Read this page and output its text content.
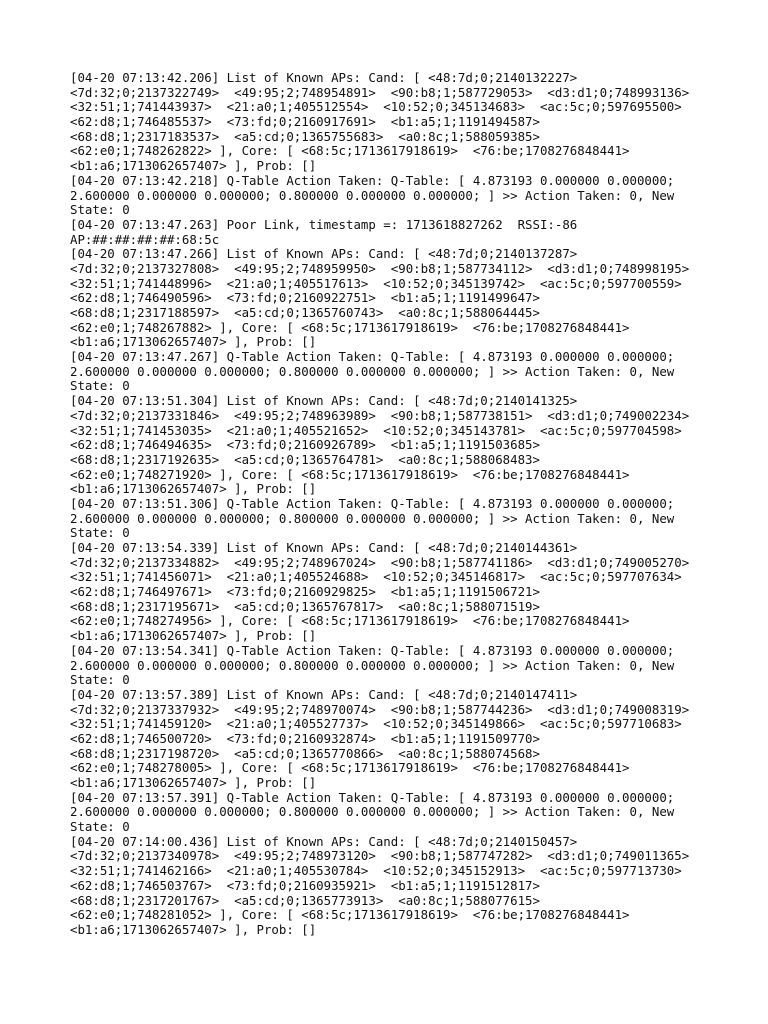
[04-20 07:13:42.206] List of Known APs: Cand: [ <48:7d;0;2140132227>
<7d:32;0;2137322749>  <49:95;2;748954891>  <90:b8;1;587729053>  <d3:d1;0;748993136>
<32:51;1;741443937>  <21:a0;1;405512554>  <10:52;0;345134683>  <ac:5c;0;597695500>
<62:d8;1;746485537>  <73:fd;0;2160917691>  <b1:a5;1;1191494587>
<68:d8;1;2317183537>  <a5:cd;0;1365755683>  <a0:8c;1;588059385>
<62:e0;1;748262822> ], Core: [ <68:5c;1713617918619>  <76:be;1708276848441>
<b1:a6;1713062657407> ], Prob: []
[04-20 07:13:42.218] Q-Table Action Taken: Q-Table: [ 4.873193 0.000000 0.000000;
2.600000 0.000000 0.000000; 0.800000 0.000000 0.000000; ] >> Action Taken: 0, New
State: 0
[04-20 07:13:47.263] Poor Link, timestamp =: 1713618827262  RSSI:-86
AP:##:##:##:##:68:5c
[04-20 07:13:47.266] List of Known APs: Cand: [ <48:7d;0;2140137287>
<7d:32;0;2137327808>  <49:95;2;748959950>  <90:b8;1;587734112>  <d3:d1;0;748998195>
<32:51;1;741448996>  <21:a0;1;405517613>  <10:52;0;345139742>  <ac:5c;0;597700559>
<62:d8;1;746490596>  <73:fd;0;2160922751>  <b1:a5;1;1191499647>
<68:d8;1;2317188597>  <a5:cd;0;1365760743>  <a0:8c;1;588064445>
<62:e0;1;748267882> ], Core: [ <68:5c;1713617918619>  <76:be;1708276848441>
<b1:a6;1713062657407> ], Prob: []
[04-20 07:13:47.267] Q-Table Action Taken: Q-Table: [ 4.873193 0.000000 0.000000;
2.600000 0.000000 0.000000; 0.800000 0.000000 0.000000; ] >> Action Taken: 0, New
State: 0
[04-20 07:13:51.304] List of Known APs: Cand: [ <48:7d;0;2140141325>
<7d:32;0;2137331846>  <49:95;2;748963989>  <90:b8;1;587738151>  <d3:d1;0;749002234>
<32:51;1;741453035>  <21:a0;1;405521652>  <10:52;0;345143781>  <ac:5c;0;597704598>
<62:d8;1;746494635>  <73:fd;0;2160926789>  <b1:a5;1;1191503685>
<68:d8;1;2317192635>  <a5:cd;0;1365764781>  <a0:8c;1;588068483>
<62:e0;1;748271920> ], Core: [ <68:5c;1713617918619>  <76:be;1708276848441>
<b1:a6;1713062657407> ], Prob: []
[04-20 07:13:51.306] Q-Table Action Taken: Q-Table: [ 4.873193 0.000000 0.000000;
2.600000 0.000000 0.000000; 0.800000 0.000000 0.000000; ] >> Action Taken: 0, New
State: 0
[04-20 07:13:54.339] List of Known APs: Cand: [ <48:7d;0;2140144361>
<7d:32;0;2137334882>  <49:95;2;748967024>  <90:b8;1;587741186>  <d3:d1;0;749005270>
<32:51;1;741456071>  <21:a0;1;405524688>  <10:52;0;345146817>  <ac:5c;0;597707634>
<62:d8;1;746497671>  <73:fd;0;2160929825>  <b1:a5;1;1191506721>
<68:d8;1;2317195671>  <a5:cd;0;1365767817>  <a0:8c;1;588071519>
<62:e0;1;748274956> ], Core: [ <68:5c;1713617918619>  <76:be;1708276848441>
<b1:a6;1713062657407> ], Prob: []
[04-20 07:13:54.341] Q-Table Action Taken: Q-Table: [ 4.873193 0.000000 0.000000;
2.600000 0.000000 0.000000; 0.800000 0.000000 0.000000; ] >> Action Taken: 0, New
State: 0
[04-20 07:13:57.389] List of Known APs: Cand: [ <48:7d;0;2140147411>
<7d:32;0;2137337932>  <49:95;2;748970074>  <90:b8;1;587744236>  <d3:d1;0;749008319>
<32:51;1;741459120>  <21:a0;1;405527737>  <10:52;0;345149866>  <ac:5c;0;597710683>
<62:d8;1;746500720>  <73:fd;0;2160932874>  <b1:a5;1;1191509770>
<68:d8;1;2317198720>  <a5:cd;0;1365770866>  <a0:8c;1;588074568>
<62:e0;1;748278005> ], Core: [ <68:5c;1713617918619>  <76:be;1708276848441>
<b1:a6;1713062657407> ], Prob: []
[04-20 07:13:57.391] Q-Table Action Taken: Q-Table: [ 4.873193 0.000000 0.000000;
2.600000 0.000000 0.000000; 0.800000 0.000000 0.000000; ] >> Action Taken: 0, New
State: 0
[04-20 07:14:00.436] List of Known APs: Cand: [ <48:7d;0;2140150457>
<7d:32;0;2137340978>  <49:95;2;748973120>  <90:b8;1;587747282>  <d3:d1;0;749011365>
<32:51;1;741462166>  <21:a0;1;405530784>  <10:52;0;345152913>  <ac:5c;0;597713730>
<62:d8;1;746503767>  <73:fd;0;2160935921>  <b1:a5;1;1191512817>
<68:d8;1;2317201767>  <a5:cd;0;1365773913>  <a0:8c;1;588077615>
<62:e0;1;748281052> ], Core: [ <68:5c;1713617918619>  <76:be;1708276848441>
<b1:a6;1713062657407> ], Prob: []
